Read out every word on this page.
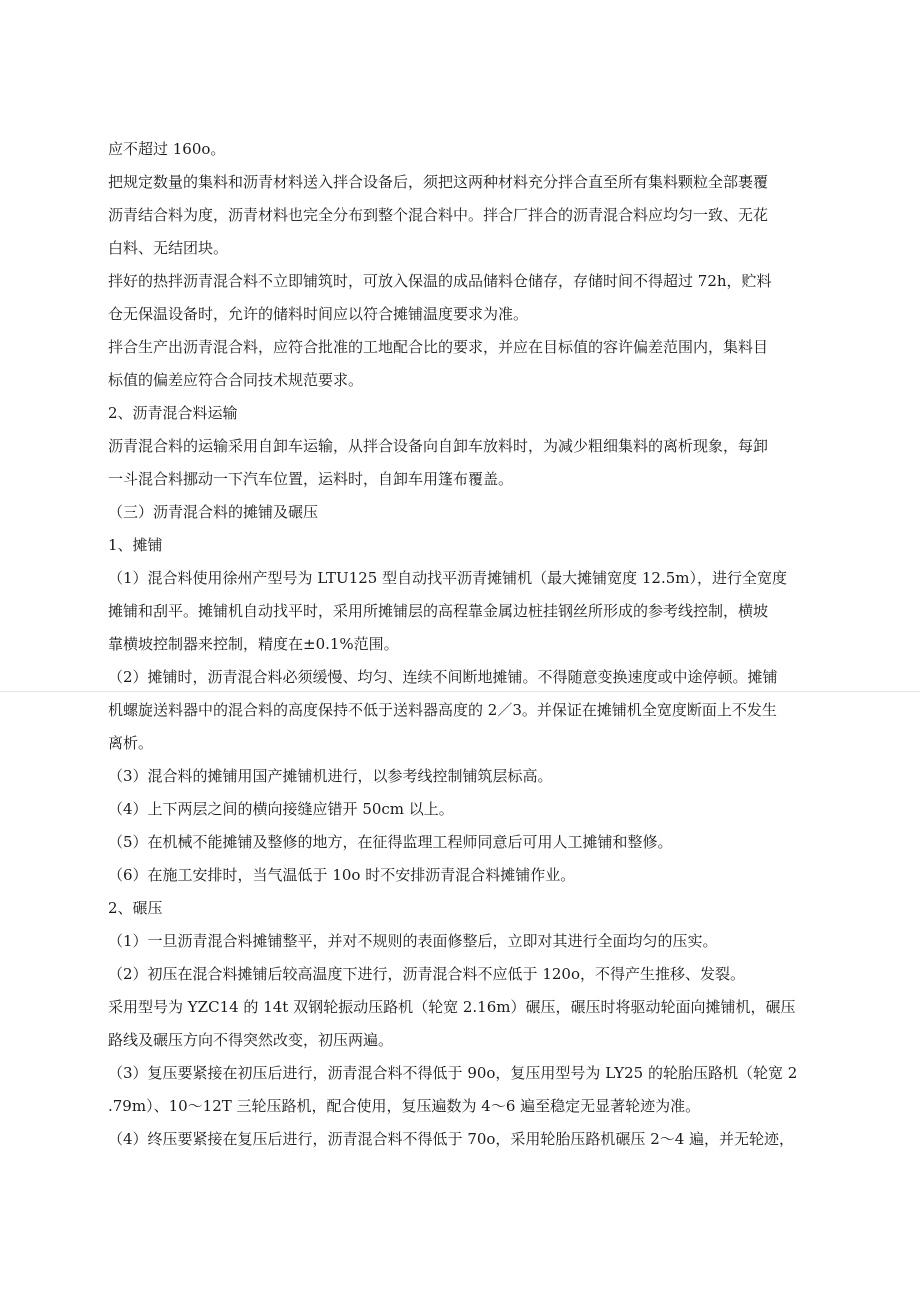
应不超过 160o。

把规定数量的集料和沥青材料送入拌合设备后，须把这两种材料充分拌合直至所有集料颗粒全部裹覆
沥青结合料为度，沥青材料也完全分布到整个混合料中。拌合厂拌合的沥青混合料应均匀一致、无花
白料、无结团块。

拌好的热拌沥青混合料不立即铺筑时，可放入保温的成品储料仓储存，存储时间不得超过 72h，贮料
仓无保温设备时，允许的储料时间应以符合摊铺温度要求为准。

拌合生产出沥青混合料，应符合批准的工地配合比的要求，并应在目标值的容许偏差范围内，集料目
标值的偏差应符合合同技术规范要求。

2、沥青混合料运输

沥青混合料的运输采用自卸车运输，从拌合设备向自卸车放料时，为减少粗细集料的离析现象，每卸
一斗混合料挪动一下汽车位置，运料时，自卸车用篷布覆盖。

（三）沥青混合料的摊铺及碾压

1、摊铺

（1）混合料使用徐州产型号为 LTU125 型自动找平沥青摊铺机（最大摊铺宽度 12.5m），进行全宽度
摊铺和刮平。摊铺机自动找平时，采用所摊铺层的高程靠金属边桩挂钢丝所形成的参考线控制，横坡
靠横坡控制器来控制，精度在±0.1%范围。

（2）摊铺时，沥青混合料必须缓慢、均匀、连续不间断地摊铺。不得随意变换速度或中途停顿。摊铺
机螺旋送料器中的混合料的高度保持不低于送料器高度的 2／3。并保证在摊铺机全宽度断面上不发生
离析。

（3）混合料的摊铺用国产摊铺机进行，以参考线控制铺筑层标高。

（4）上下两层之间的横向接缝应错开 50cm 以上。

（5）在机械不能摊铺及整修的地方，在征得监理工程师同意后可用人工摊铺和整修。

（6）在施工安排时，当气温低于 10o 时不安排沥青混合料摊铺作业。

2、碾压

（1）一旦沥青混合料摊铺整平，并对不规则的表面修整后，立即对其进行全面均匀的压实。

（2）初压在混合料摊铺后较高温度下进行，沥青混合料不应低于 120o，不得产生推移、发裂。

采用型号为 YZC14 的 14t 双钢轮振动压路机（轮宽 2.16m）碾压，碾压时将驱动轮面向摊铺机，碾压
路线及碾压方向不得突然改变，初压两遍。

（3）复压要紧接在初压后进行，沥青混合料不得低于 90o，复压用型号为 LY25 的轮胎压路机（轮宽 2
.79m）、10～12T 三轮压路机，配合使用，复压遍数为 4～6 遍至稳定无显著轮迹为准。

（4）终压要紧接在复压后进行，沥青混合料不得低于 70o，采用轮胎压路机碾压 2～4 遍，并无轮迹，
